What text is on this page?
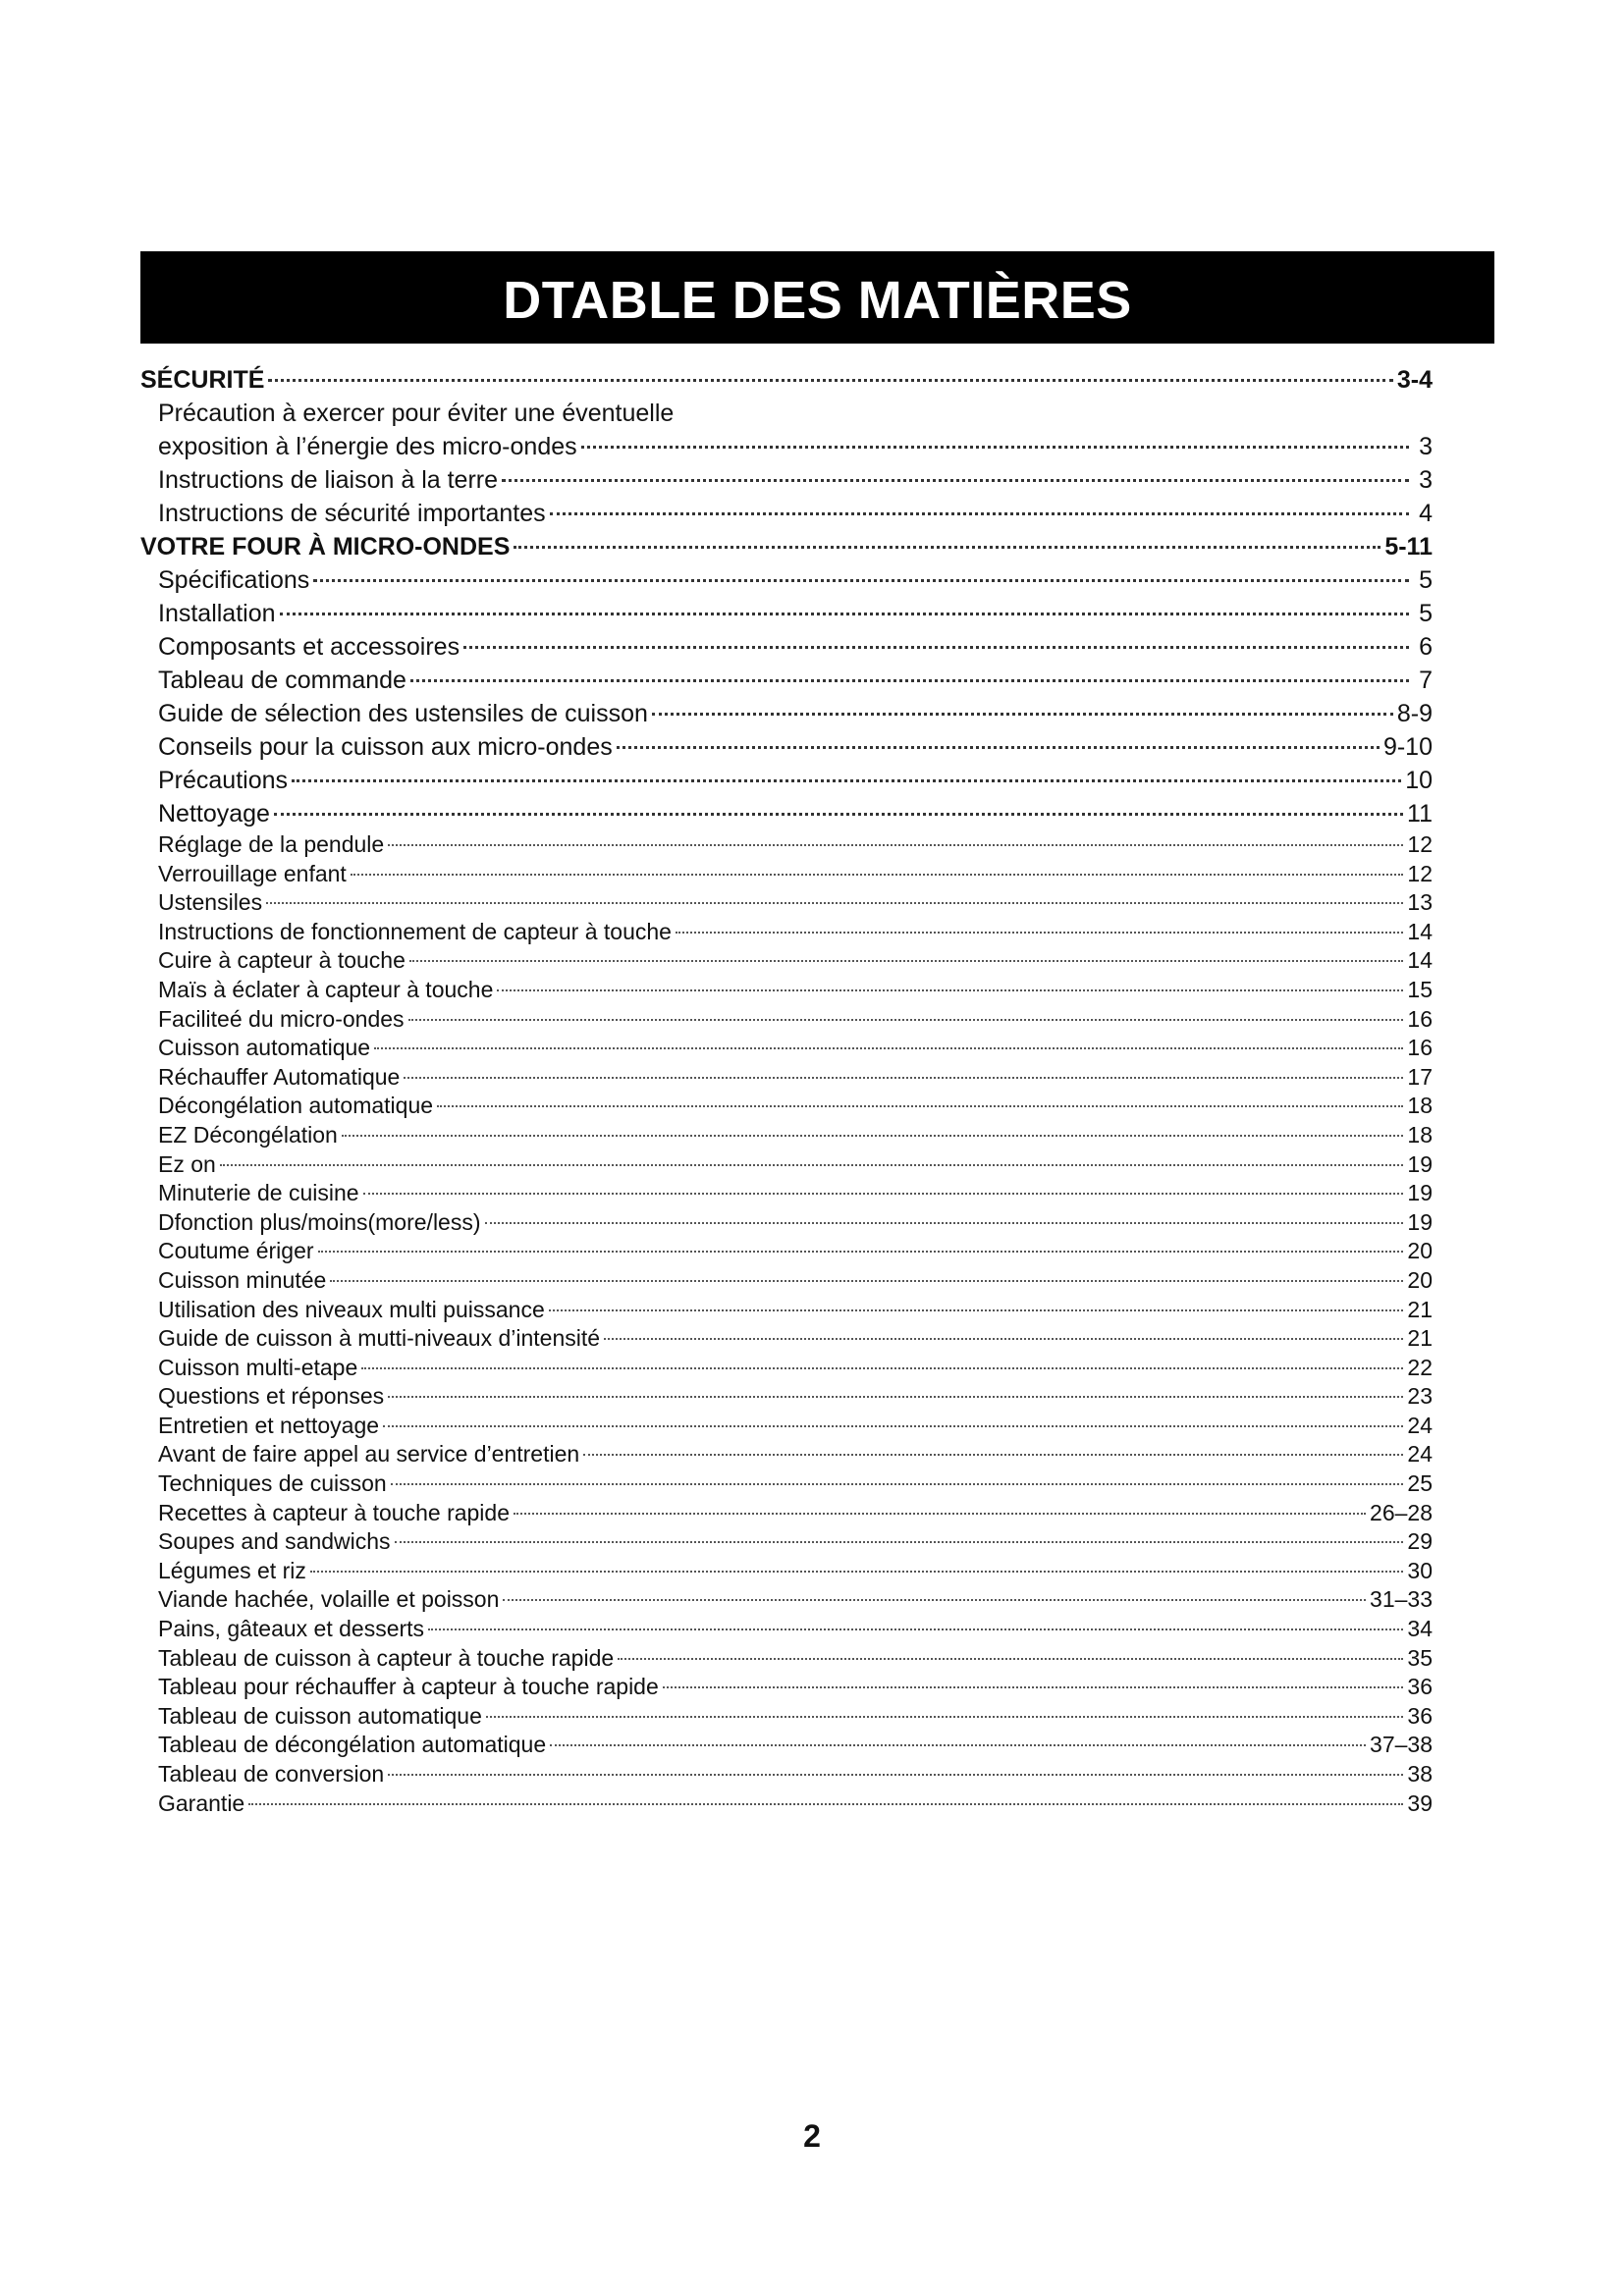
DTABLE DES MATIÈRES
SÉCURITÉ	3-4
Précaution à exercer pour éviter une éventuelle
exposition à l’énergie des micro-ondes	3
Instructions de liaison à la terre	3
Instructions de sécurité importantes	4
VOTRE FOUR À MICRO-ONDES	5-11
Spécifications	5
Installation	5
Composants et accessoires	6
Tableau de commande	7
Guide de sélection des ustensiles de cuisson	8-9
Conseils pour la cuisson aux micro-ondes	9-10
Précautions	10
Nettoyage	11
Réglage de la pendule	12
Verrouillage enfant	12
Ustensiles	13
Instructions de fonctionnement de capteur à touche	14
Cuire à capteur à touche	14
Maïs à éclater à capteur à touche	15
Faciliteé du micro-ondes	16
Cuisson automatique	16
Réchauffer Automatique	17
Décongélation automatique	18
EZ Décongélation	18
Ez on	19
Minuterie de cuisine	19
Dfonction plus/moins(more/less)	19
Coutume ériger	20
Cuisson minutée	20
Utilisation des niveaux multi puissance	21
Guide de cuisson à mutti-niveaux d’intensité	21
Cuisson multi-etape	22
Questions et réponses	23
Entretien et nettoyage	24
Avant de faire appel au service d’entretien	24
Techniques de cuisson	25
Recettes à capteur à touche rapide	26–28
Soupes and sandwichs	29
Légumes et riz	30
Viande hachée, volaille et poisson	31–33
Pains, gâteaux et desserts	34
Tableau de cuisson à capteur à touche rapide	35
Tableau pour réchauffer à capteur à touche rapide	36
Tableau de cuisson automatique	36
Tableau de décongélation automatique	37–38
Tableau de conversion	38
Garantie	39
2
